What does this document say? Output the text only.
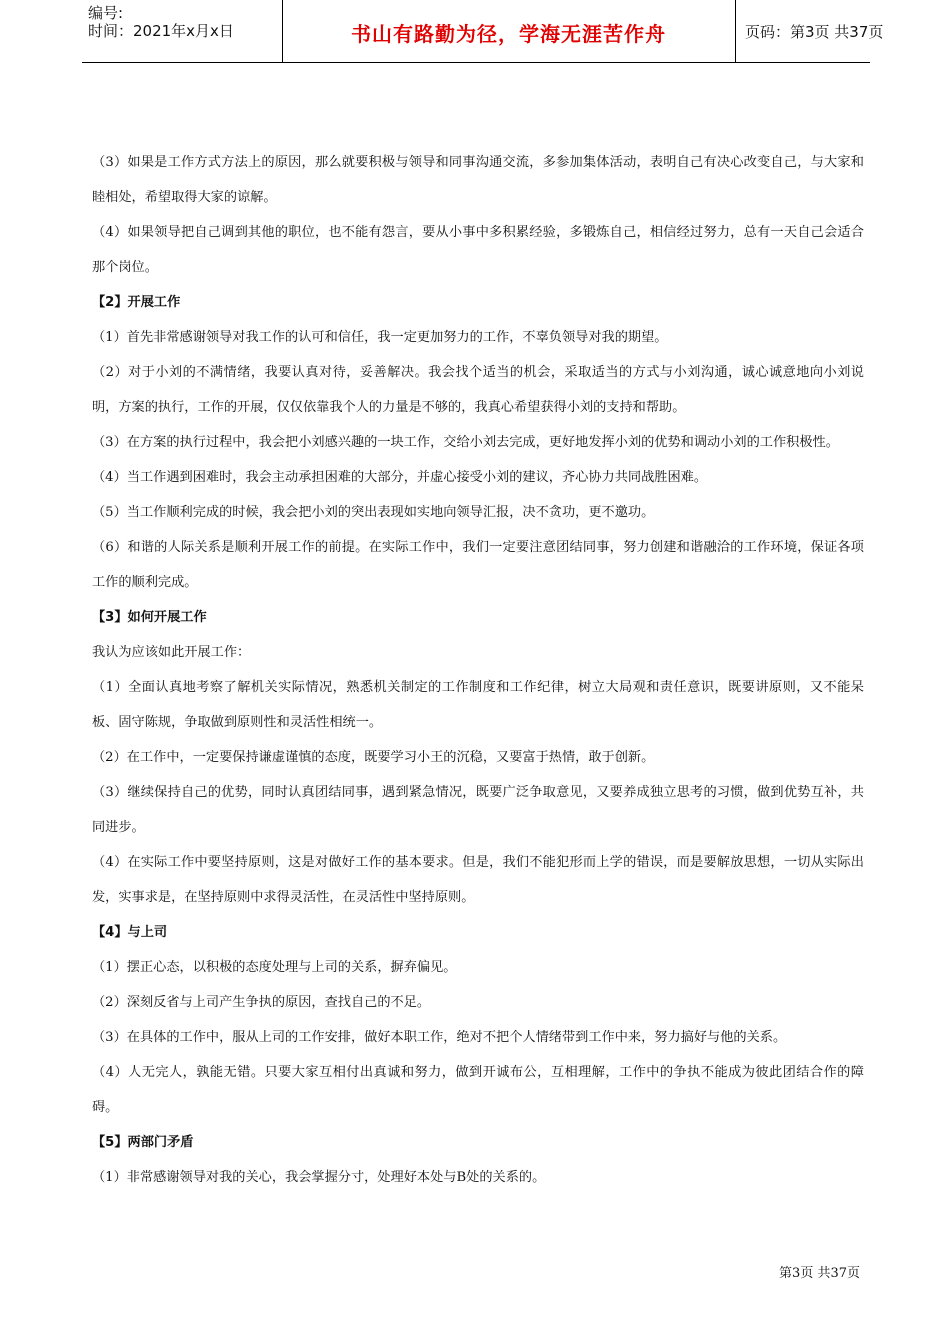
编号:
时间：2021年x月x日	书山有路勤为径，学海无涯苦作舟	页码：第3页 共37页

（3）如果是工作方式方法上的原因，那么就要积极与领导和同事沟通交流，多参加集体活动，表明自己有决心改变自己，与大家和睦相处，希望取得大家的谅解。

（4）如果领导把自己调到其他的职位，也不能有怨言，要从小事中多积累经验，多锻炼自己，相信经过努力，总有一天自己会适合那个岗位。

【2】开展工作

（1）首先非常感谢领导对我工作的认可和信任，我一定更加努力的工作，不辜负领导对我的期望。

（2）对于小刘的不满情绪，我要认真对待，妥善解决。我会找个适当的机会，采取适当的方式与小刘沟通，诚心诚意地向小刘说明，方案的执行，工作的开展，仅仅依靠我个人的力量是不够的，我真心希望获得小刘的支持和帮助。

（3）在方案的执行过程中，我会把小刘感兴趣的一块工作，交给小刘去完成，更好地发挥小刘的优势和调动小刘的工作积极性。

（4）当工作遇到困难时，我会主动承担困难的大部分，并虚心接受小刘的建议，齐心协力共同战胜困难。

（5）当工作顺利完成的时候，我会把小刘的突出表现如实地向领导汇报，决不贪功，更不邀功。

（6）和谐的人际关系是顺利开展工作的前提。在实际工作中，我们一定要注意团结同事，努力创建和谐融洽的工作环境，保证各项工作的顺利完成。

【3】如何开展工作

我认为应该如此开展工作：

（1）全面认真地考察了解机关实际情况，熟悉机关制定的工作制度和工作纪律，树立大局观和责任意识，既要讲原则，又不能呆板、固守陈规，争取做到原则性和灵活性相统一。

（2）在工作中，一定要保持谦虚谨慎的态度，既要学习小王的沉稳，又要富于热情，敢于创新。

（3）继续保持自己的优势，同时认真团结同事，遇到紧急情况，既要广泛争取意见，又要养成独立思考的习惯，做到优势互补，共同进步。

（4）在实际工作中要坚持原则，这是对做好工作的基本要求。但是，我们不能犯形而上学的错误，而是要解放思想，一切从实际出发，实事求是，在坚持原则中求得灵活性，在灵活性中坚持原则。

【4】与上司

（1）摆正心态，以积极的态度处理与上司的关系，摒弃偏见。

（2）深刻反省与上司产生争执的原因，查找自己的不足。

（3）在具体的工作中，服从上司的工作安排，做好本职工作，绝对不把个人情绪带到工作中来，努力搞好与他的关系。

（4）人无完人，孰能无错。只要大家互相付出真诚和努力，做到开诚布公，互相理解，工作中的争执不能成为彼此团结合作的障碍。

【5】两部门矛盾

（1）非常感谢领导对我的关心，我会掌握分寸，处理好本处与B处的关系的。

第3页 共37页
